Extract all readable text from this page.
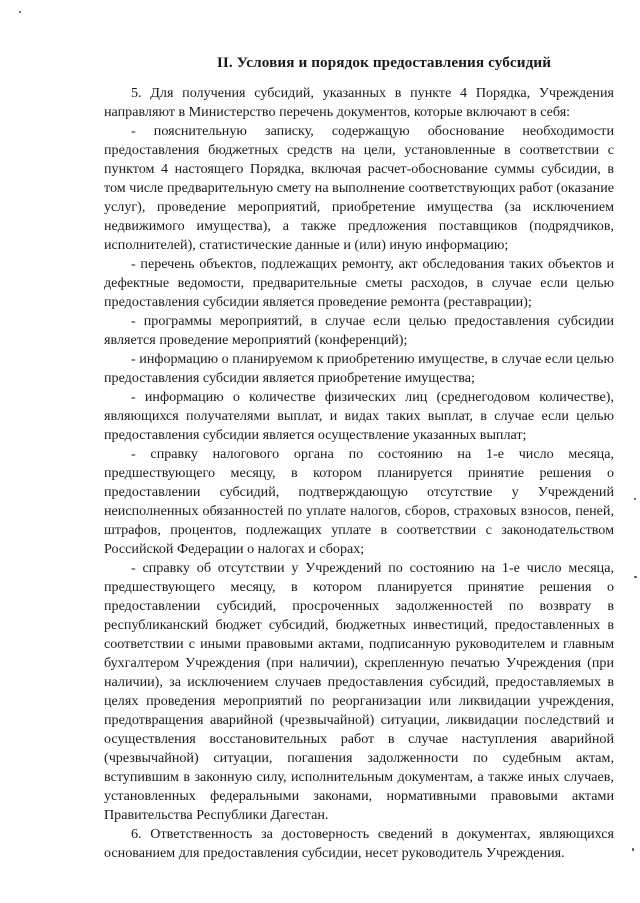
II. Условия и порядок предоставления субсидий

5. Для получения субсидий, указанных в пункте 4 Порядка, Учреждения направляют в Министерство перечень документов, которые включают в себя:

- пояснительную записку, содержащую обоснование необходимости предоставления бюджетных средств на цели, установленные в соответствии с пунктом 4 настоящего Порядка, включая расчет-обоснование суммы субсидии, в том числе предварительную смету на выполнение соответствующих работ (оказание услуг), проведение мероприятий, приобретение имущества (за исключением недвижимого имущества), а также предложения поставщиков (подрядчиков, исполнителей), статистические данные и (или) иную информацию;

- перечень объектов, подлежащих ремонту, акт обследования таких объектов и дефектные ведомости, предварительные сметы расходов, в случае если целью предоставления субсидии является проведение ремонта (реставрации);

- программы мероприятий, в случае если целью предоставления субсидии является проведение мероприятий (конференций);

- информацию о планируемом к приобретению имуществе, в случае если целью предоставления субсидии является приобретение имущества;

- информацию о количестве физических лиц (среднегодовом количестве), являющихся получателями выплат, и видах таких выплат, в случае если целью предоставления субсидии является осуществление указанных выплат;

- справку налогового органа по состоянию на 1-е число месяца, предшествующего месяцу, в котором планируется принятие решения о предоставлении субсидий, подтверждающую отсутствие у Учреждений неисполненных обязанностей по уплате налогов, сборов, страховых взносов, пеней, штрафов, процентов, подлежащих уплате в соответствии с законодательством Российской Федерации о налогах и сборах;

- справку об отсутствии у Учреждений по состоянию на 1-е число месяца, предшествующего месяцу, в котором планируется принятие решения о предоставлении субсидий, просроченных задолженностей по возврату в республиканский бюджет субсидий, бюджетных инвестиций, предоставленных в соответствии с иными правовыми актами, подписанную руководителем и главным бухгалтером Учреждения (при наличии), скрепленную печатью Учреждения (при наличии), за исключением случаев предоставления субсидий, предоставляемых в целях проведения мероприятий по реорганизации или ликвидации учреждения, предотвращения аварийной (чрезвычайной) ситуации, ликвидации последствий и осуществления восстановительных работ в случае наступления аварийной (чрезвычайной) ситуации, погашения задолженности по судебным актам, вступившим в законную силу, исполнительным документам, а также иных случаев, установленных федеральными законами, нормативными правовыми актами Правительства Республики Дагестан.

6. Ответственность за достоверность сведений в документах, являющихся основанием для предоставления субсидии, несет руководитель Учреждения.
